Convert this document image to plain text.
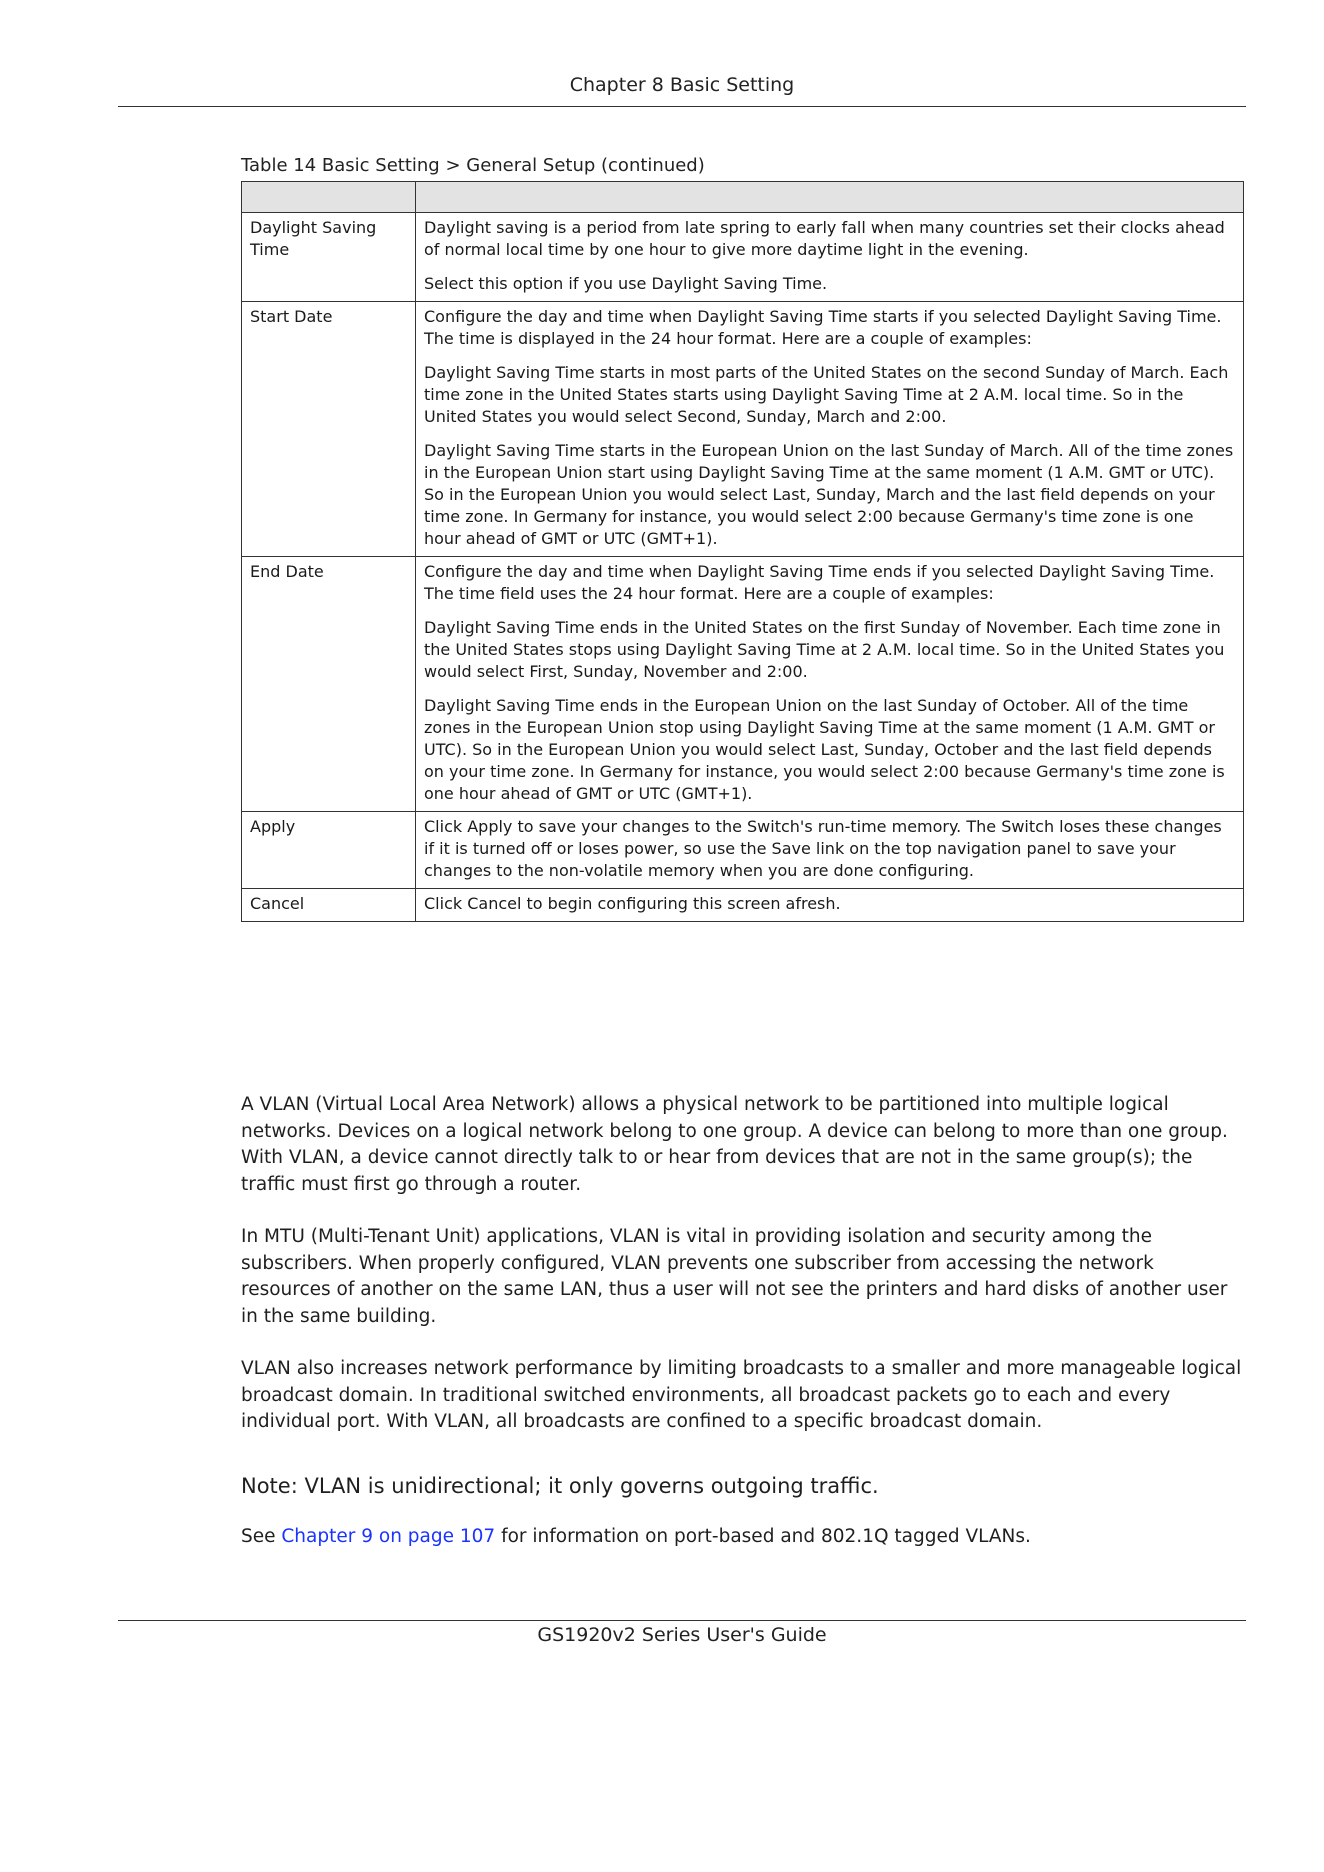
Chapter 8 Basic Setting
Table 14 Basic Setting > General Setup (continued)

Daylight Saving Time	Daylight saving is a period from late spring to early fall when many countries set their clocks ahead of normal local time by one hour to give more daytime light in the evening.

Select this option if you use Daylight Saving Time.

Start Date	Configure the day and time when Daylight Saving Time starts if you selected Daylight Saving Time. The time is displayed in the 24 hour format. Here are a couple of examples:

Daylight Saving Time starts in most parts of the United States on the second Sunday of March. Each time zone in the United States starts using Daylight Saving Time at 2 A.M. local time. So in the United States you would select Second, Sunday, March and 2:00.

Daylight Saving Time starts in the European Union on the last Sunday of March. All of the time zones in the European Union start using Daylight Saving Time at the same moment (1 A.M. GMT or UTC). So in the European Union you would select Last, Sunday, March and the last field depends on your time zone. In Germany for instance, you would select 2:00 because Germany's time zone is one hour ahead of GMT or UTC (GMT+1).

End Date	Configure the day and time when Daylight Saving Time ends if you selected Daylight Saving Time. The time field uses the 24 hour format. Here are a couple of examples:

Daylight Saving Time ends in the United States on the first Sunday of November. Each time zone in the United States stops using Daylight Saving Time at 2 A.M. local time. So in the United States you would select First, Sunday, November and 2:00.

Daylight Saving Time ends in the European Union on the last Sunday of October. All of the time zones in the European Union stop using Daylight Saving Time at the same moment (1 A.M. GMT or UTC). So in the European Union you would select Last, Sunday, October and the last field depends on your time zone. In Germany for instance, you would select 2:00 because Germany's time zone is one hour ahead of GMT or UTC (GMT+1).

Apply	Click Apply to save your changes to the Switch's run-time memory. The Switch loses these changes if it is turned off or loses power, so use the Save link on the top navigation panel to save your changes to the non-volatile memory when you are done configuring.

Cancel	Click Cancel to begin configuring this screen afresh.

A VLAN (Virtual Local Area Network) allows a physical network to be partitioned into multiple logical networks. Devices on a logical network belong to one group. A device can belong to more than one group. With VLAN, a device cannot directly talk to or hear from devices that are not in the same group(s); the traffic must first go through a router.

In MTU (Multi-Tenant Unit) applications, VLAN is vital in providing isolation and security among the subscribers. When properly configured, VLAN prevents one subscriber from accessing the network resources of another on the same LAN, thus a user will not see the printers and hard disks of another user in the same building.

VLAN also increases network performance by limiting broadcasts to a smaller and more manageable logical broadcast domain. In traditional switched environments, all broadcast packets go to each and every individual port. With VLAN, all broadcasts are confined to a specific broadcast domain.

Note: VLAN is unidirectional; it only governs outgoing traffic.
See Chapter 9 on page 107 for information on port-based and 802.1Q tagged VLANs.
GS1920v2 Series User's Guide
